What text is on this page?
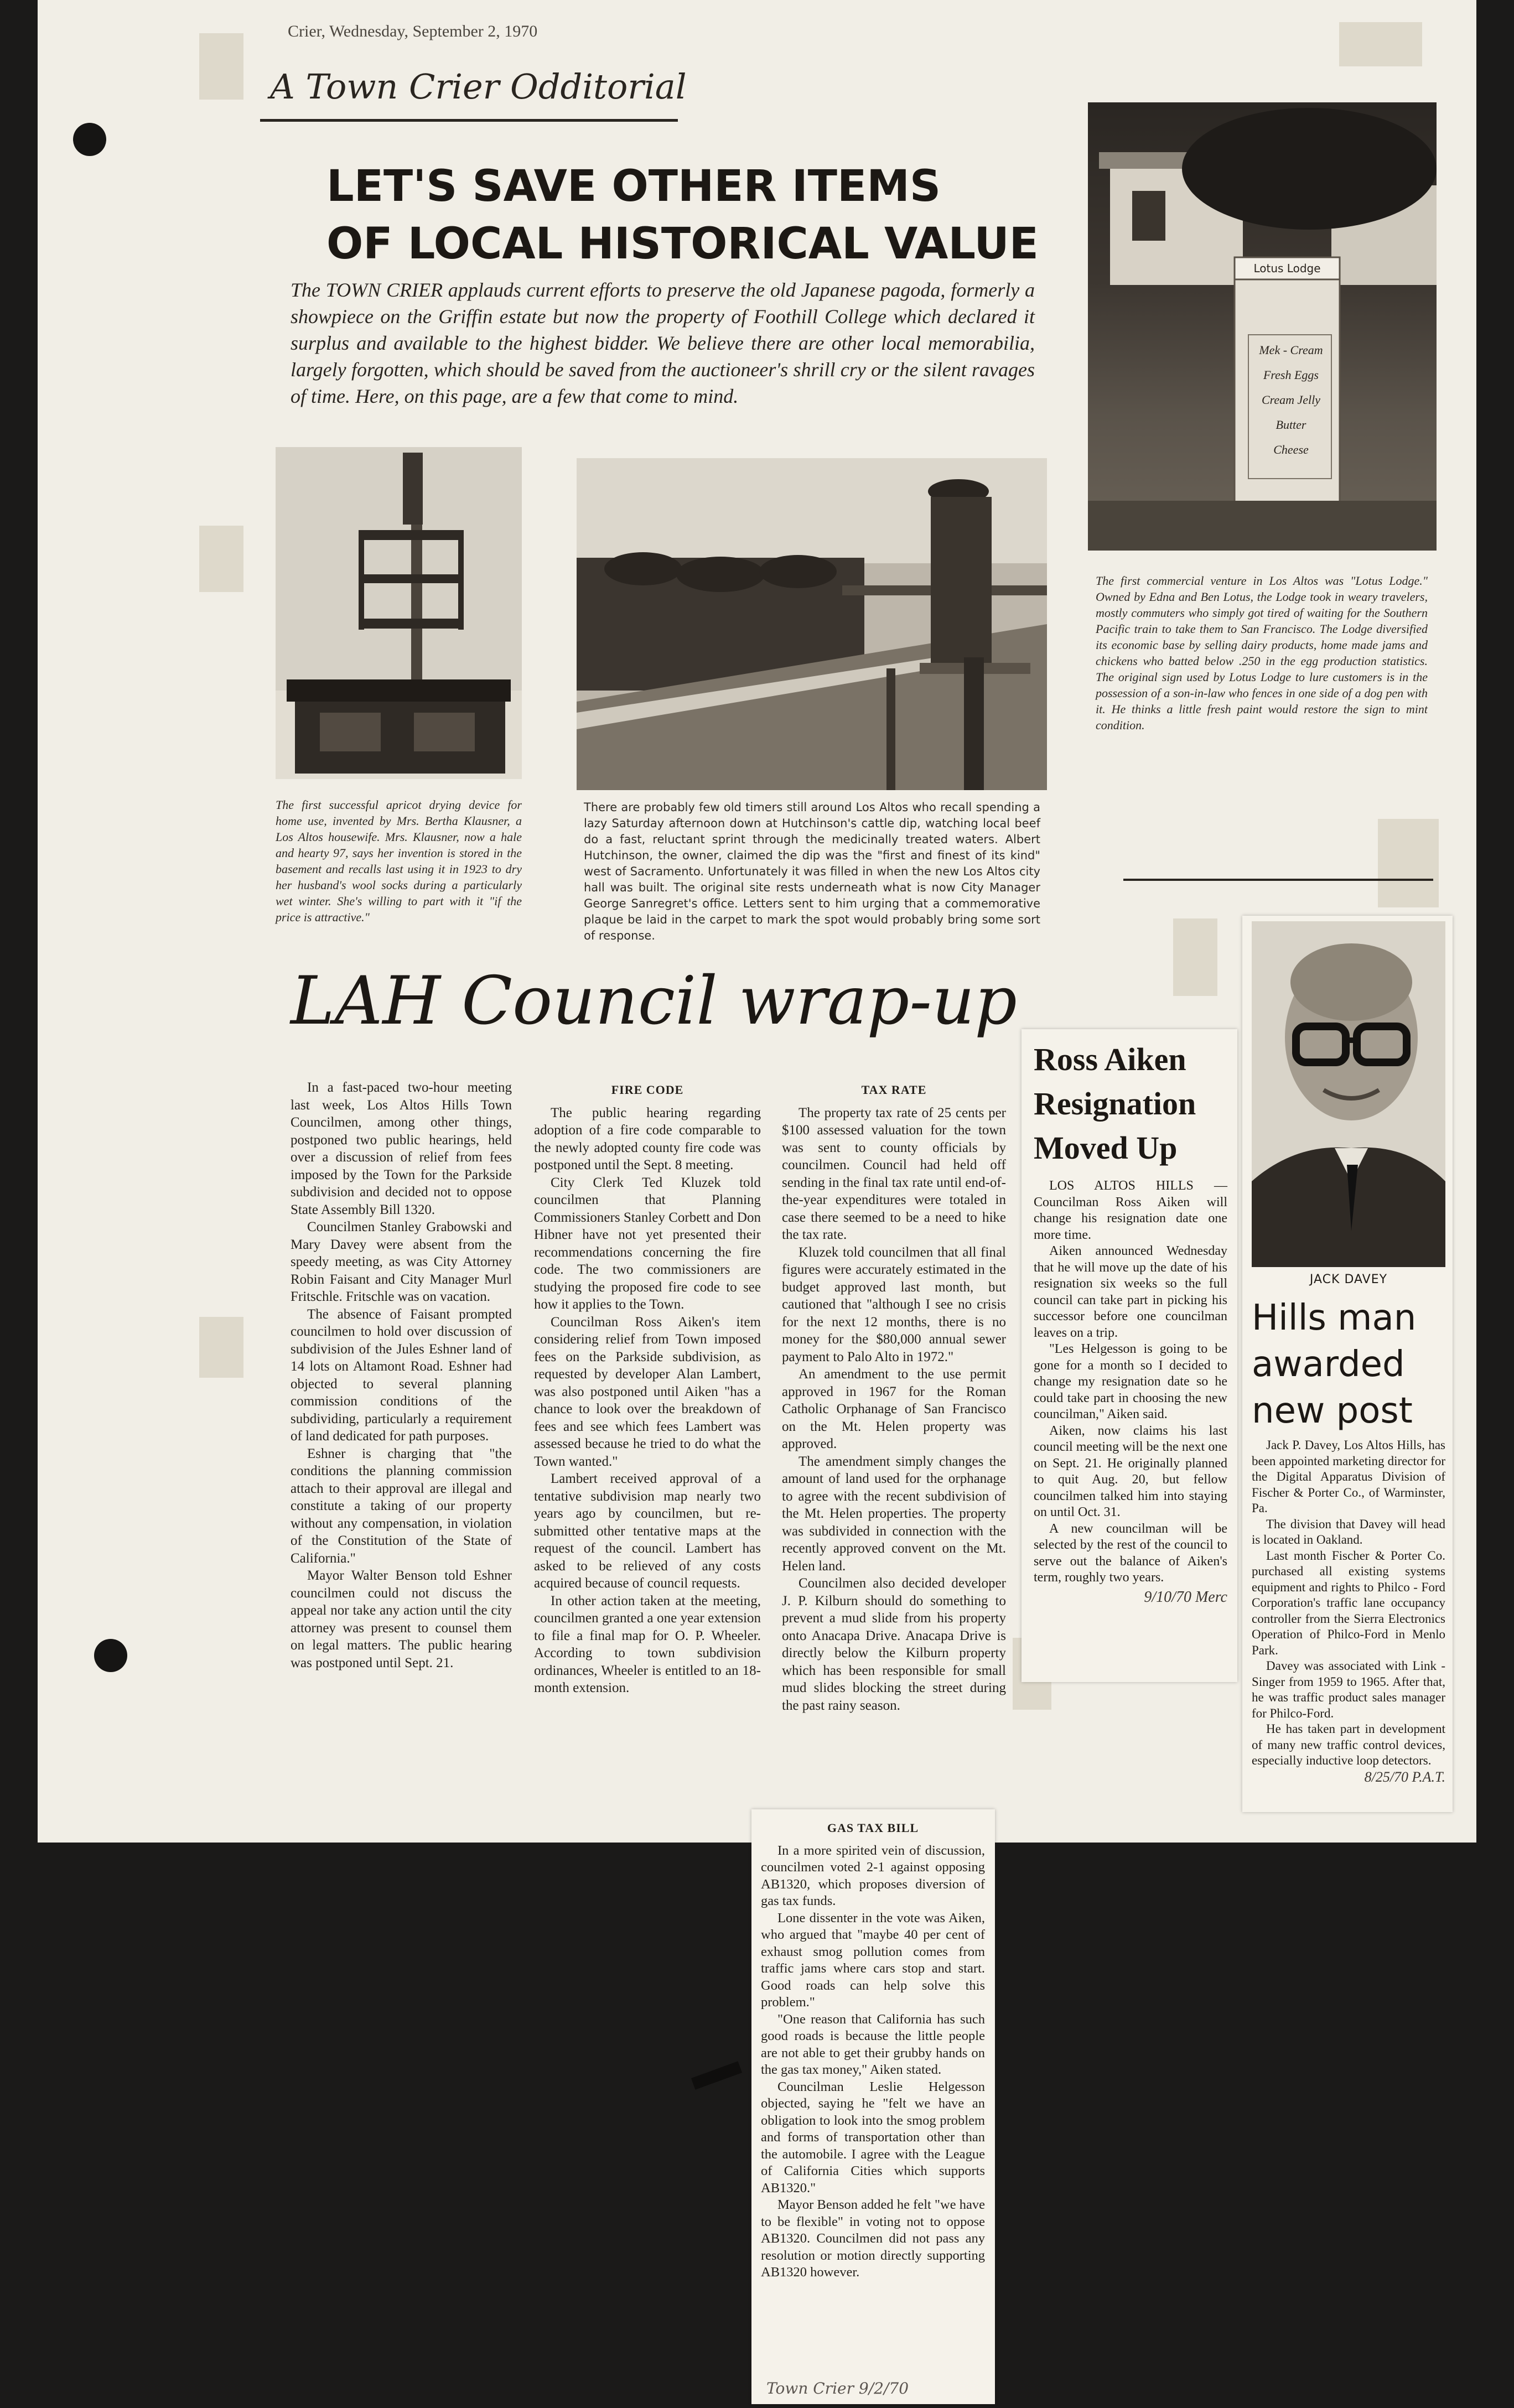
Crier, Wednesday, September 2, 1970
A Town Crier Odditorial
LET'S SAVE OTHER ITEMS
OF LOCAL HISTORICAL VALUE

The TOWN CRIER applauds current efforts to preserve the old Japanese pagoda, formerly a showpiece on the Griffin estate but now the property of Foothill College which declared it surplus and available to the highest bidder. We believe there are other local memorabilia, largely forgotten, which should be saved from the auctioneer's shrill cry or the silent ravages of time. Here, on this page, are a few that come to mind.

Lotus Lodge
Mek - Cream
Fresh Eggs
Cream Jelly
Butter
Cheese

The first commercial venture in Los Altos was "Lotus Lodge." Owned by Edna and Ben Lotus, the Lodge took in weary travelers, mostly commuters who simply got tired of waiting for the Southern Pacific train to take them to San Francisco. The Lodge diversified its economic base by selling dairy products, home made jams and chickens who batted below .250 in the egg production statistics. The original sign used by Lotus Lodge to lure customers is in the possession of a son-in-law who fences in one side of a dog pen with it. He thinks a little fresh paint would restore the sign to mint condition.

The first successful apricot drying device for home use, invented by Mrs. Bertha Klausner, a Los Altos housewife. Mrs. Klausner, now a hale and hearty 97, says her invention is stored in the basement and recalls last using it in 1923 to dry her husband's wool socks during a particularly wet winter. She's willing to part with it "if the price is attractive."

There are probably few old timers still around Los Altos who recall spending a lazy Saturday afternoon down at Hutchinson's cattle dip, watching local beef do a fast, reluctant sprint through the medicinally treated waters. Albert Hutchinson, the owner, claimed the dip was the "first and finest of its kind" west of Sacramento. Unfortunately it was filled in when the new Los Altos city hall was built. The original site rests underneath what is now City Manager George Sanregret's office. Letters sent to him urging that a commemorative plaque be laid in the carpet to mark the spot would probably bring some sort of response.

LAH Council wrap-up

In a fast-paced two-hour meeting last week, Los Altos Hills Town Councilmen, among other things, postponed two public hearings, held over a discussion of relief from fees imposed by the Town for the Parkside subdivision and decided not to oppose State Assembly Bill 1320.

Councilmen Stanley Grabowski and Mary Davey were absent from the speedy meeting, as was City Attorney Robin Faisant and City Manager Murl Fritschle. Fritschle was on vacation.

The absence of Faisant prompted councilmen to hold over discussion of subdivision of the Jules Eshner land of 14 lots on Altamont Road. Eshner had objected to several planning commission conditions of the subdividing, particularly a requirement of land dedicated for path purposes.

Eshner is charging that "the conditions the planning commission attach to their approval are illegal and constitute a taking of our property without any compensation, in violation of the Constitution of the State of California."

Mayor Walter Benson told Eshner councilmen could not discuss the appeal nor take any action until the city attorney was present to counsel them on legal matters. The public hearing was postponed until Sept. 21.

FIRE CODE

The public hearing regarding adoption of a fire code comparable to the newly adopted county fire code was postponed until the Sept. 8 meeting.

City Clerk Ted Kluzek told councilmen that Planning Commissioners Stanley Corbett and Don Hibner have not yet presented their recommendations concerning the fire code. The two commissioners are studying the proposed fire code to see how it applies to the Town.

Councilman Ross Aiken's item considering relief from Town imposed fees on the Parkside subdivision, as requested by developer Alan Lambert, was also postponed until Aiken "has a chance to look over the breakdown of fees and see which fees Lambert was assessed because he tried to do what the Town wanted."

Lambert received approval of a tentative subdivision map nearly two years ago by councilmen, but re-submitted other tentative maps at the request of the council. Lambert has asked to be relieved of any costs acquired because of council requests.

In other action taken at the meeting, councilmen granted a one year extension to file a final map for O. P. Wheeler. According to town subdivision ordinances, Wheeler is entitled to an 18-month extension.

TAX RATE

The property tax rate of 25 cents per $100 assessed valuation for the town was sent to county officials by councilmen. Council had held off sending in the final tax rate until end-of-the-year expenditures were totaled in case there seemed to be a need to hike the tax rate.

Kluzek told councilmen that all final figures were accurately estimated in the budget approved last month, but cautioned that "although I see no crisis for the next 12 months, there is no money for the $80,000 annual sewer payment to Palo Alto in 1972."

An amendment to the use permit approved in 1967 for the Roman Catholic Orphanage of San Francisco on the Mt. Helen property was approved.

The amendment simply changes the amount of land used for the orphanage to agree with the recent subdivision of the Mt. Helen properties. The property was subdivided in connection with the recently approved convent on the Mt. Helen land.

Councilmen also decided developer J. P. Kilburn should do something to prevent a mud slide from his property onto Anacapa Drive. Anacapa Drive is directly below the Kilburn property which has been responsible for small mud slides blocking the street during the past rainy season.

GAS TAX BILL

In a more spirited vein of discussion, councilmen voted 2-1 against opposing AB1320, which proposes diversion of gas tax funds.

Lone dissenter in the vote was Aiken, who argued that "maybe 40 per cent of exhaust smog pollution comes from traffic jams where cars stop and start. Good roads can help solve this problem."

"One reason that California has such good roads is because the little people are not able to get their grubby hands on the gas tax money," Aiken stated.

Councilman Leslie Helgesson objected, saying he "felt we have an obligation to look into the smog problem and forms of transportation other than the automobile. I agree with the League of California Cities which supports AB1320."

Mayor Benson added he felt "we have to be flexible" in voting not to oppose AB1320. Councilmen did not pass any resolution or motion directly supporting AB1320 however.

Town Crier 9/2/70
Ross Aiken
Resignation
Moved Up

LOS ALTOS HILLS — Councilman Ross Aiken will change his resignation date one more time.

Aiken announced Wednesday that he will move up the date of his resignation six weeks so the full council can take part in picking his successor before one councilman leaves on a trip.

"Les Helgesson is going to be gone for a month so I decided to change my resignation date so he could take part in choosing the new councilman," Aiken said.

Aiken, now claims his last council meeting will be the next one on Sept. 21. He originally planned to quit Aug. 20, but fellow councilmen talked him into staying on until Oct. 31.

A new councilman will be selected by the rest of the council to serve out the balance of Aiken's term, roughly two years.

9/10/70 Merc
JACK DAVEY
Hills man
awarded
new post

Jack P. Davey, Los Altos Hills, has been appointed marketing director for the Digital Apparatus Division of Fischer & Porter Co., of Warminster, Pa.

The division that Davey will head is located in Oakland.

Last month Fischer & Porter Co. purchased all existing systems equipment and rights to Philco - Ford Corporation's traffic lane occupancy controller from the Sierra Electronics Operation of Philco-Ford in Menlo Park.

Davey was associated with Link - Singer from 1959 to 1965. After that, he was traffic product sales manager for Philco-Ford.

He has taken part in development of many new traffic control devices, especially inductive loop detectors.

8/25/70 P.A.T.
